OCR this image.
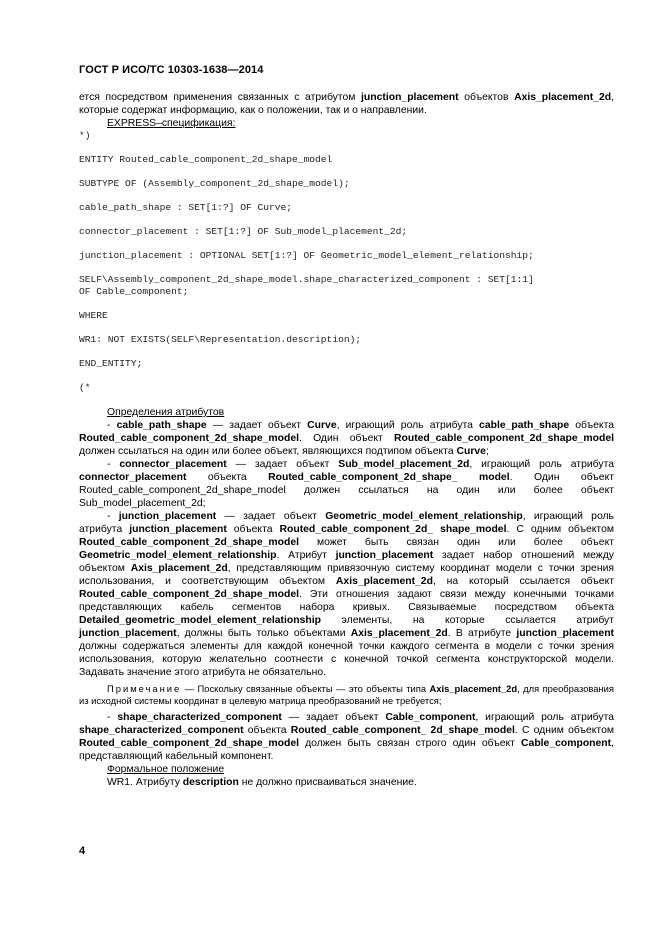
ГОСТ Р ИСО/ТС 10303-1638—2014

ется посредством применения связанных с атрибутом junction_placement объектов Axis_placement_2d, которые содержат информацию, как о положении, так и о направлении.

EXPRESS–спецификация:

*)

ENTITY Routed_cable_component_2d_shape_model

SUBTYPE OF (Assembly_component_2d_shape_model);

cable_path_shape : SET[1:?] OF Curve;

connector_placement : SET[1:?] OF Sub_model_placement_2d;

junction_placement : OPTIONAL SET[1:?] OF Geometric_model_element_relationship;

SELF\Assembly_component_2d_shape_model.shape_characterized_component : SET[1:1]
OF Cable_component;

WHERE

WR1: NOT EXISTS(SELF\Representation.description);

END_ENTITY;

(*

Определения атрибутов

- cable_path_shape — задает объект Curve, играющий роль атрибута cable_path_shape объекта Routed_cable_component_2d_shape_model. Один объект Routed_cable_component_2d_shape_model должен ссылаться на один или более объект, являющихся подтипом объекта Curve;

- connector_placement — задает объект Sub_model_placement_2d, играющий роль атрибута connector_placement объекта Routed_cable_component_2d_shape_ model. Один объект Routed_cable_component_2d_shape_model должен ссылаться на один или более объект Sub_model_placement_2d;

- junction_placement — задает объект Geometric_model_element_relationship, играющий роль атрибута junction_placement объекта Routed_cable_component_2d_ shape_model. С одним объектом Routed_cable_component_2d_shape_model может быть связан один или более объект Geometric_model_element_relationship. Атрибут junction_placement задает набор отношений между объектом Axis_placement_2d, представляющим привязочную систему координат модели с точки зрения использования, и соответствующим объектом Axis_placement_2d, на который ссылается объект Routed_cable_component_2d_shape_model. Эти отношения задают связи между конечными точками представляющих кабель сегментов набора кривых. Связываемые посредством объекта Detailed_geometric_model_element_relationship элементы, на которые ссылается атрибут junction_placement, должны быть только объектами Axis_placement_2d. В атрибуте junction_placement должны содержаться элементы для каждой конечной точки каждого сегмента в модели с точки зрения использования, которую желательно соотнести с конечной точкой сегмента конструкторской модели. Задавать значение этого атрибута не обязательно.

Примечание — Поскольку связанные объекты — это объекты типа Axis_placement_2d, для преобразования из исходной системы координат в целевую матрица преобразований не требуется;

- shape_characterized_component — задает объект Cable_component, играющий роль атрибута shape_characterized_component объекта Routed_cable_component_ 2d_shape_model. С одним объектом Routed_cable_component_2d_shape_model должен быть связан строго один объект Cable_component, представляющий кабельный компонент.

Формальное положение

WR1. Атрибуту description не должно присваиваться значение.

4
